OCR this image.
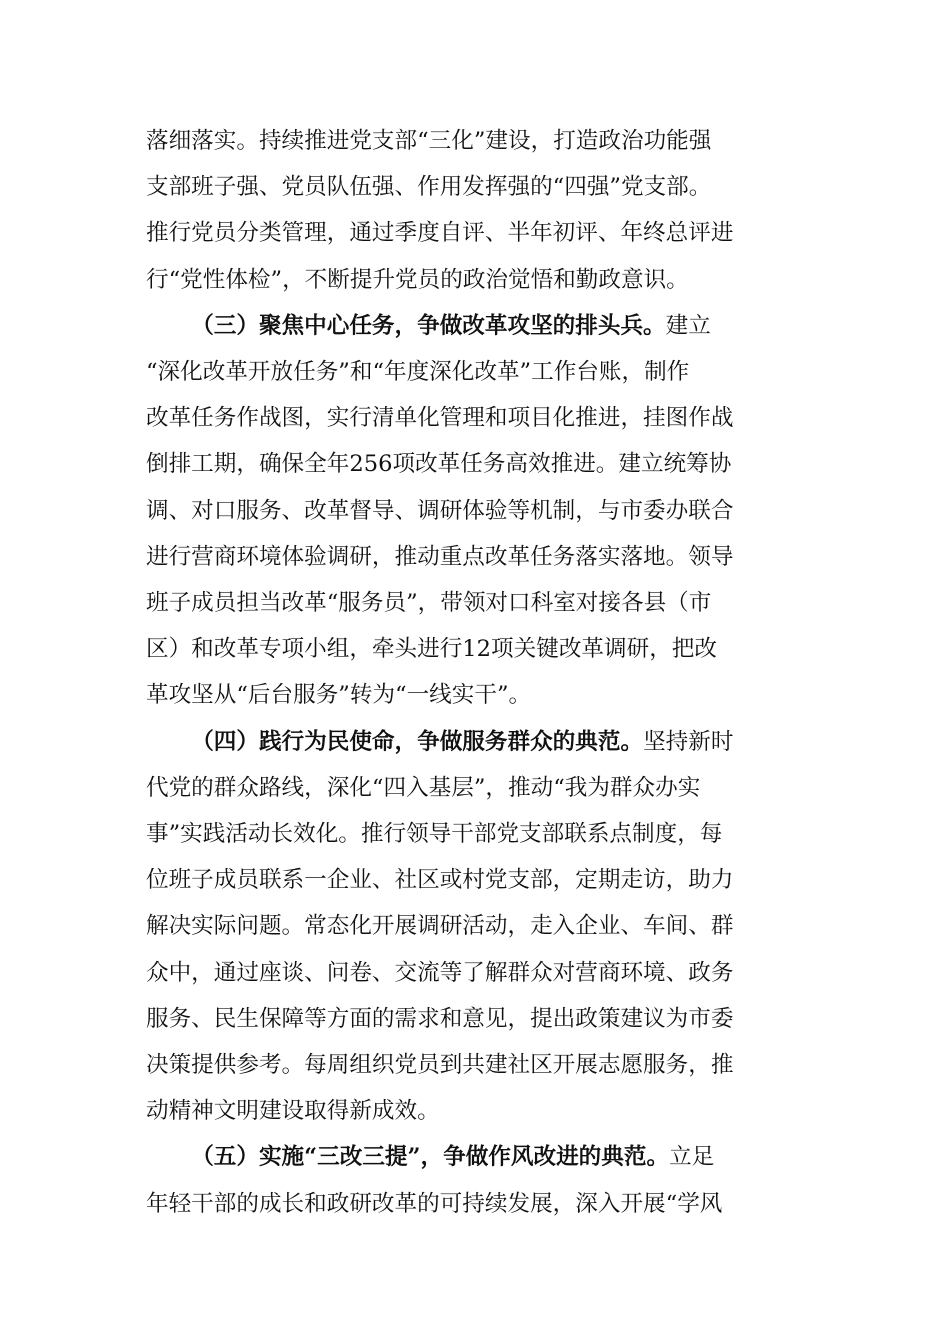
落细落实。持续推进党支部“三化”建设，打造政治功能强
支部班子强、党员队伍强、作用发挥强的“四强”党支部。
推行党员分类管理，通过季度自评、半年初评、年终总评进
行“党性体检”，不断提升党员的政治觉悟和勤政意识。

（三）聚焦中心任务，争做改革攻坚的排头兵。建立
“深化改革开放任务”和“年度深化改革”工作台账，制作
改革任务作战图，实行清单化管理和项目化推进，挂图作战
倒排工期，确保全年256项改革任务高效推进。建立统筹协
调、对口服务、改革督导、调研体验等机制，与市委办联合
进行营商环境体验调研，推动重点改革任务落实落地。领导
班子成员担当改革“服务员”，带领对口科室对接各县（市
区）和改革专项小组，牵头进行12项关键改革调研，把改
革攻坚从“后台服务”转为“一线实干”。

（四）践行为民使命，争做服务群众的典范。坚持新时
代党的群众路线，深化“四入基层”，推动“我为群众办实
事”实践活动长效化。推行领导干部党支部联系点制度，每
位班子成员联系一企业、社区或村党支部，定期走访，助力
解决实际问题。常态化开展调研活动，走入企业、车间、群
众中，通过座谈、问卷、交流等了解群众对营商环境、政务
服务、民生保障等方面的需求和意见，提出政策建议为市委
决策提供参考。每周组织党员到共建社区开展志愿服务，推
动精神文明建设取得新成效。

（五）实施“三改三提”，争做作风改进的典范。立足
年轻干部的成长和政研改革的可持续发展，深入开展“学风
